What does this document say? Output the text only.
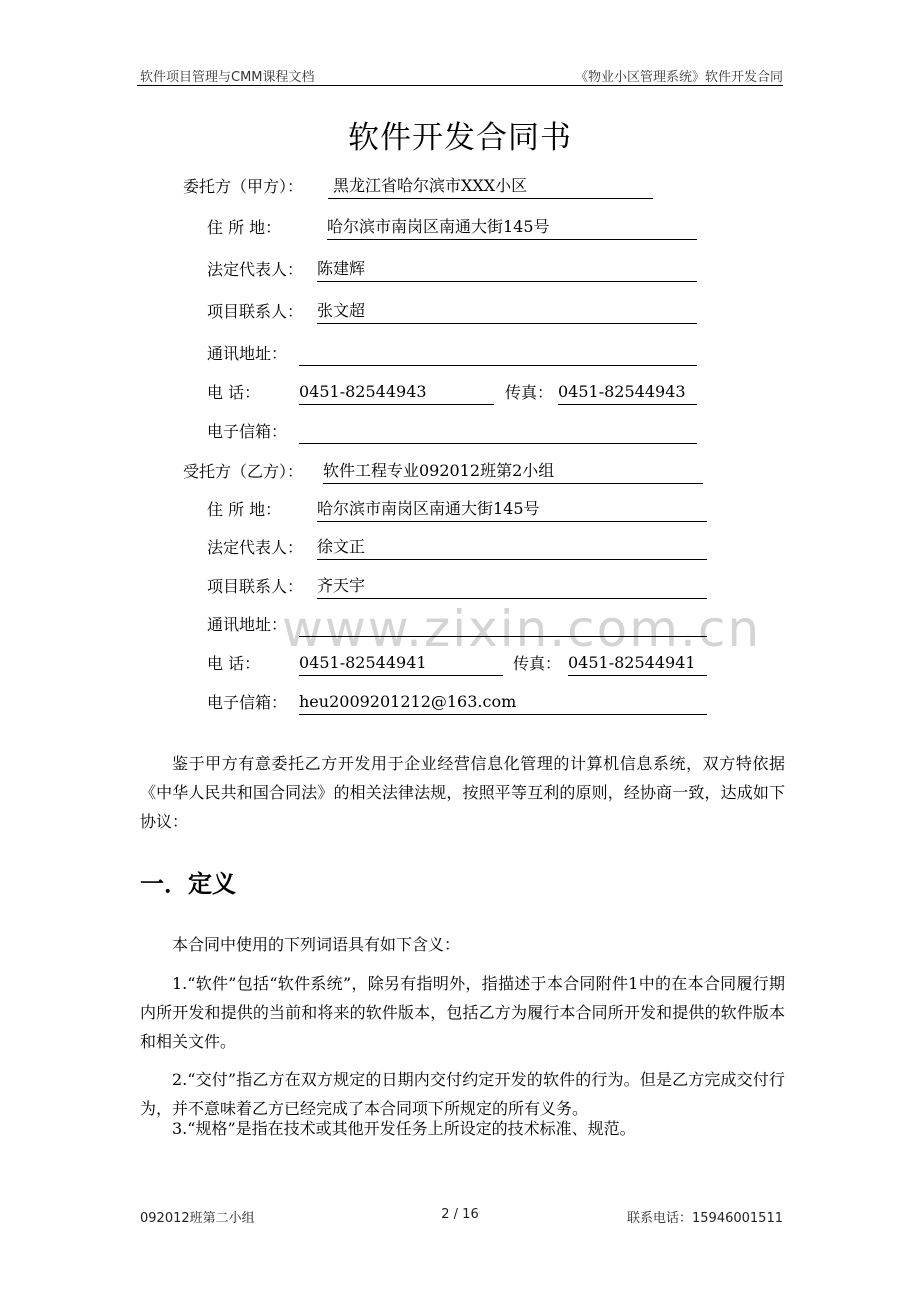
软件项目管理与CMM课程文档	《物业小区管理系统》软件开发合同
软件开发合同书
www.zixin.com.cn
委托方（甲方）：	黑龙江省哈尔滨市XXX小区
住 所 地：	哈尔滨市南岗区南通大街145号
法定代表人： 陈建辉
项目联系人： 张文超
通讯地址：
电 话： 0451-82544943	传真： 0451-82544943
电子信箱：
受托方（乙方）： 软件工程专业092012班第2小组
住 所 地： 哈尔滨市南岗区南通大街145号
法定代表人： 徐文正
项目联系人： 齐天宇
通讯地址：
电 话： 0451-82544941	传真： 0451-82544941
电子信箱： heu2009201212@163.com
鉴于甲方有意委托乙方开发用于企业经营信息化管理的计算机信息系统，双方特依据《中华人民共和国合同法》的相关法律法规，按照平等互利的原则，经协商一致，达成如下协议：
一．定义
本合同中使用的下列词语具有如下含义：
1.“软件”包括“软件系统”，除另有指明外，指描述于本合同附件1中的在本合同履行期内所开发和提供的当前和将来的软件版本，包括乙方为履行本合同所开发和提供的软件版本和相关文件。
2.“交付”指乙方在双方规定的日期内交付约定开发的软件的行为。但是乙方完成交付行为，并不意味着乙方已经完成了本合同项下所规定的所有义务。
3.“规格”是指在技术或其他开发任务上所设定的技术标准、规范。
092012班第二小组	2 / 16	联系电话：15946001511
